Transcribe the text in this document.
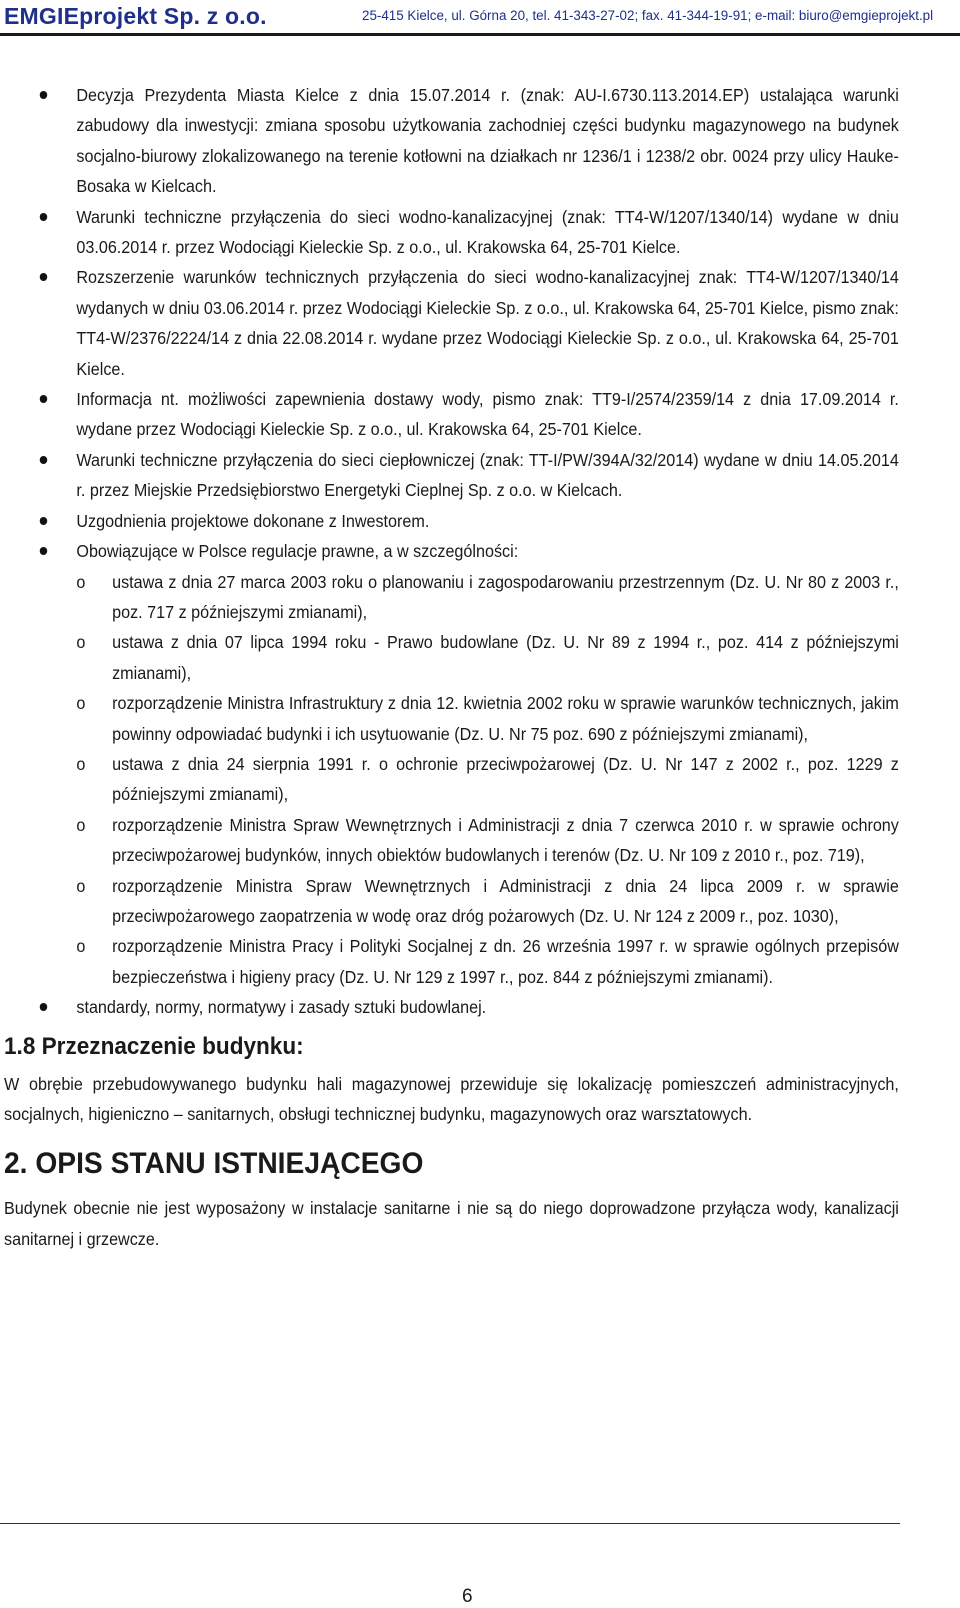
EMGIEprojekt Sp. z o.o.	25-415 Kielce, ul. Górna 20, tel. 41-343-27-02; fax. 41-344-19-91; e-mail: biuro@emgieprojekt.pl
Decyzja Prezydenta Miasta Kielce z dnia 15.07.2014 r. (znak: AU-I.6730.113.2014.EP) ustalająca warunki zabudowy dla inwestycji: zmiana sposobu użytkowania zachodniej części budynku magazynowego na budynek socjalno-biurowy zlokalizowanego na terenie kotłowni na działkach nr 1236/1 i 1238/2 obr. 0024 przy ulicy Hauke-Bosaka w Kielcach.
Warunki techniczne przyłączenia do sieci wodno-kanalizacyjnej (znak: TT4-W/1207/1340/14) wydane w dniu 03.06.2014 r. przez Wodociągi Kieleckie Sp. z o.o., ul. Krakowska 64, 25-701 Kielce.
Rozszerzenie warunków technicznych przyłączenia do sieci wodno-kanalizacyjnej znak: TT4-W/1207/1340/14 wydanych w dniu 03.06.2014 r. przez Wodociągi Kieleckie Sp. z o.o., ul. Krakowska 64, 25-701 Kielce, pismo znak: TT4-W/2376/2224/14 z dnia 22.08.2014 r. wydane przez Wodociągi Kieleckie Sp. z o.o., ul. Krakowska 64, 25-701 Kielce.
Informacja nt. możliwości zapewnienia dostawy wody, pismo znak: TT9-I/2574/2359/14 z dnia 17.09.2014 r. wydane przez Wodociągi Kieleckie Sp. z o.o., ul. Krakowska 64, 25-701 Kielce.
Warunki techniczne przyłączenia do sieci ciepłowniczej (znak: TT-I/PW/394A/32/2014) wydane w dniu 14.05.2014 r. przez Miejskie Przedsiębiorstwo Energetyki Cieplnej Sp. z o.o. w Kielcach.
Uzgodnienia projektowe dokonane z Inwestorem.
Obowiązujące w Polsce regulacje prawne, a w szczególności:
o ustawa z dnia 27 marca 2003 roku o planowaniu i zagospodarowaniu przestrzennym (Dz. U. Nr 80 z 2003 r., poz. 717 z późniejszymi zmianami),
o ustawa z dnia 07 lipca 1994 roku - Prawo budowlane (Dz. U. Nr 89 z 1994 r., poz. 414 z późniejszymi zmianami),
o rozporządzenie Ministra Infrastruktury z dnia 12. kwietnia 2002 roku w sprawie warunków technicznych, jakim powinny odpowiadać budynki i ich usytuowanie (Dz. U. Nr 75 poz. 690 z późniejszymi zmianami),
o ustawa z dnia 24 sierpnia 1991 r. o ochronie przeciwpożarowej (Dz. U. Nr 147 z 2002 r., poz. 1229 z późniejszymi zmianami),
o rozporządzenie Ministra Spraw Wewnętrznych i Administracji z dnia 7 czerwca 2010 r. w sprawie ochrony przeciwpożarowej budynków, innych obiektów budowlanych i terenów (Dz. U. Nr 109 z 2010 r., poz. 719),
o rozporządzenie Ministra Spraw Wewnętrznych i Administracji z dnia 24 lipca 2009 r. w sprawie przeciwpożarowego zaopatrzenia w wodę oraz dróg pożarowych (Dz. U. Nr 124 z 2009 r., poz. 1030),
o rozporządzenie Ministra Pracy i Polityki Socjalnej z dn. 26 września 1997 r. w sprawie ogólnych przepisów bezpieczeństwa i higieny pracy (Dz. U. Nr 129 z 1997 r., poz. 844 z późniejszymi zmianami).
standardy, normy, normatywy i zasady sztuki budowlanej.
1.8 Przeznaczenie budynku:

W obrębie przebudowywanego budynku hali magazynowej przewiduje się lokalizację pomieszczeń administracyjnych, socjalnych, higieniczno – sanitarnych, obsługi technicznej budynku, magazynowych oraz warsztatowych.

2. OPIS STANU ISTNIEJĄCEGO

Budynek obecnie nie jest wyposażony w instalacje sanitarne i nie są do niego doprowadzone przyłącza wody, kanalizacji sanitarnej i grzewcze.

6
